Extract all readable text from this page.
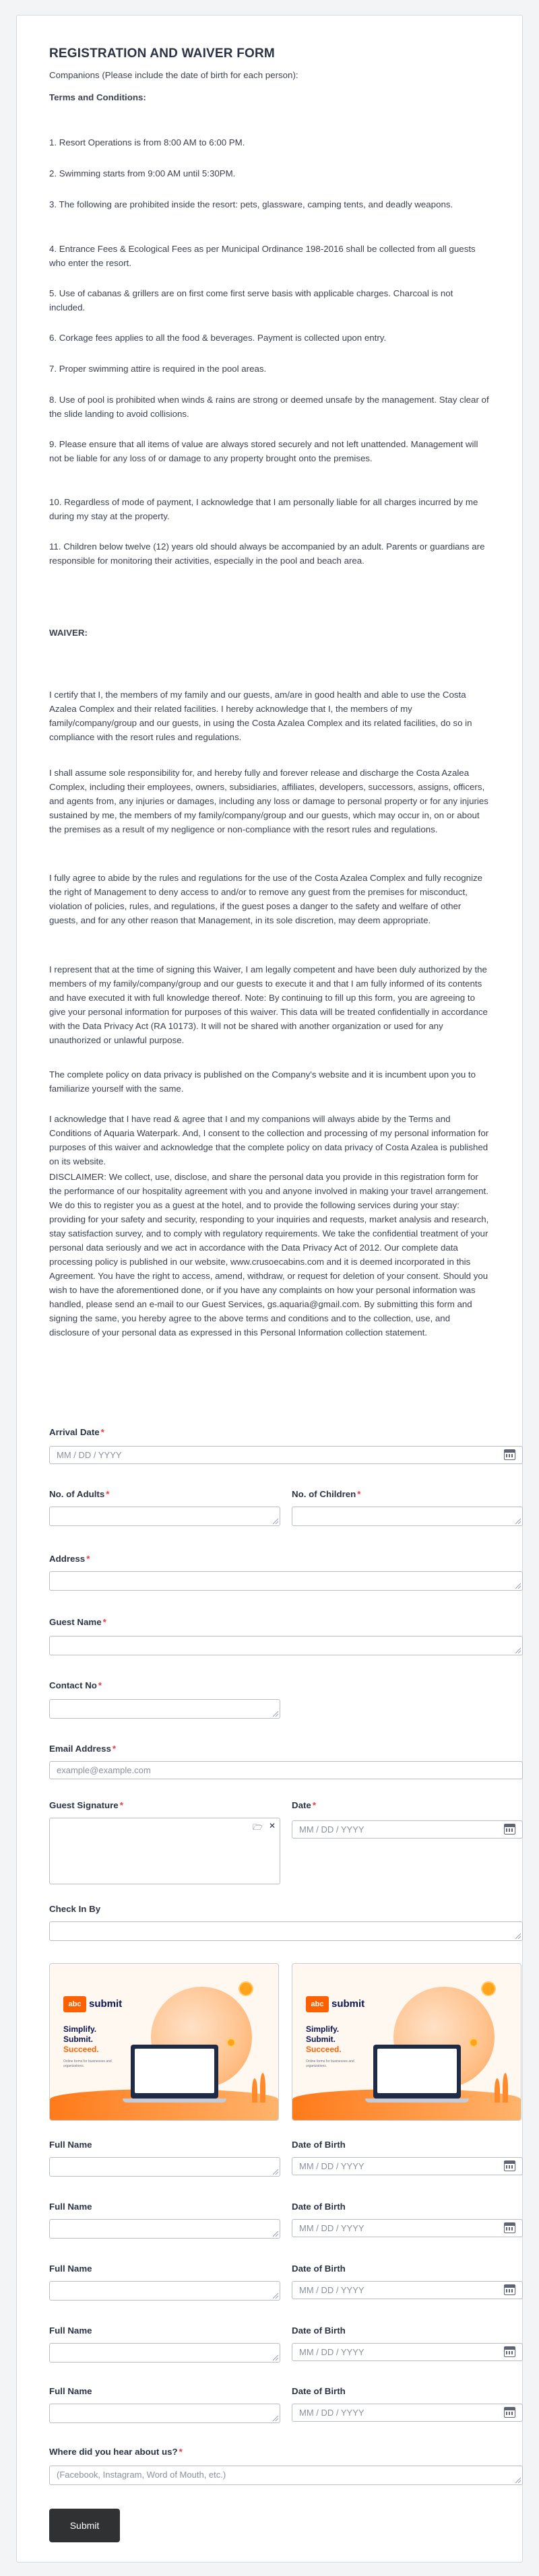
REGISTRATION AND WAIVER FORM
Companions (Please include the date of birth for each person):
Terms and Conditions:
1. Resort Operations is from 8:00 AM to 6:00 PM.
2. Swimming starts from 9:00 AM until 5:30PM.
3. The following are prohibited inside the resort: pets, glassware, camping tents, and deadly weapons.
4. Entrance Fees & Ecological Fees as per Municipal Ordinance 198-2016 shall be collected from all guests who enter the resort.
5. Use of cabanas & grillers are on first come first serve basis with applicable charges. Charcoal is not included.
6. Corkage fees applies to all the food & beverages. Payment is collected upon entry.
7. Proper swimming attire is required in the pool areas.
8. Use of pool is prohibited when winds & rains are strong or deemed unsafe by the management. Stay clear of the slide landing to avoid collisions.
9. Please ensure that all items of value are always stored securely and not left unattended. Management will not be liable for any loss of or damage to any property brought onto the premises.
10. Regardless of mode of payment, I acknowledge that I am personally liable for all charges incurred by me during my stay at the property.
11. Children below twelve (12) years old should always be accompanied by an adult. Parents or guardians are responsible for monitoring their activities, especially in the pool and beach area.
WAIVER:
I certify that I, the members of my family and our guests, am/are in good health and able to use the Costa Azalea Complex and their related facilities. I hereby acknowledge that I, the members of my family/company/group and our guests, in using the Costa Azalea Complex and its related facilities, do so in compliance with the resort rules and regulations.
I shall assume sole responsibility for, and hereby fully and forever release and discharge the Costa Azalea Complex, including their employees, owners, subsidiaries, affiliates, developers, successors, assigns, officers, and agents from, any injuries or damages, including any loss or damage to personal property or for any injuries sustained by me, the members of my family/company/group and our guests, which may occur in, on or about the premises as a result of my negligence or non-compliance with the resort rules and regulations.
I fully agree to abide by the rules and regulations for the use of the Costa Azalea Complex and fully recognize the right of Management to deny access to and/or to remove any guest from the premises for misconduct, violation of policies, rules, and regulations, if the guest poses a danger to the safety and welfare of other guests, and for any other reason that Management, in its sole discretion, may deem appropriate.
I represent that at the time of signing this Waiver, I am legally competent and have been duly authorized by the members of my family/company/group and our guests to execute it and that I am fully informed of its contents and have executed it with full knowledge thereof. Note: By continuing to fill up this form, you are agreeing to give your personal information for purposes of this waiver. This data will be treated confidentially in accordance with the Data Privacy Act (RA 10173). It will not be shared with another organization or used for any unauthorized or unlawful purpose.
The complete policy on data privacy is published on the Company's website and it is incumbent upon you to familiarize yourself with the same.
I acknowledge that I have read & agree that I and my companions will always abide by the Terms and Conditions of Aquaria Waterpark. And, I consent to the collection and processing of my personal information for purposes of this waiver and acknowledge that the complete policy on data privacy of Costa Azalea is published on its website.
DISCLAIMER: We collect, use, disclose, and share the personal data you provide in this registration form for the performance of our hospitality agreement with you and anyone involved in making your travel arrangement. We do this to register you as a guest at the hotel, and to provide the following services during your stay: providing for your safety and security, responding to your inquiries and requests, market analysis and research, stay satisfaction survey, and to comply with regulatory requirements. We take the confidential treatment of your personal data seriously and we act in accordance with the Data Privacy Act of 2012. Our complete data processing policy is published in our website, www.crusoecabins.com and it is deemed incorporated in this Agreement. You have the right to access, amend, withdraw, or request for deletion of your consent. Should you wish to have the aforementioned done, or if you have any complaints on how your personal information was handled, please send an e-mail to our Guest Services, gs.aquaria@gmail.com. By submitting this form and signing the same, you hereby agree to the above terms and conditions and to the collection, use, and disclosure of your personal data as expressed in this Personal Information collection statement.
Arrival Date *
MM / DD / YYYY
No. of Adults *	No. of Children *
Address *
Guest Name *
Contact No *
Email Address *
example@example.com
Guest Signature *	Date *
🗁 ✕
MM / DD / YYYY
Check In By
abc submit
Simplify.
Submit.
Succeed.
Online forms for businesses and organizations.
abc submit
Simplify.
Submit.
Succeed.
Online forms for businesses and organizations.
Full Name	Date of Birth
MM / DD / YYYY
Full Name	Date of Birth
MM / DD / YYYY
Full Name	Date of Birth
MM / DD / YYYY
Full Name	Date of Birth
MM / DD / YYYY
Full Name	Date of Birth
MM / DD / YYYY
Where did you hear about us? *
(Facebook, Instagram, Word of Mouth, etc.)
Submit
